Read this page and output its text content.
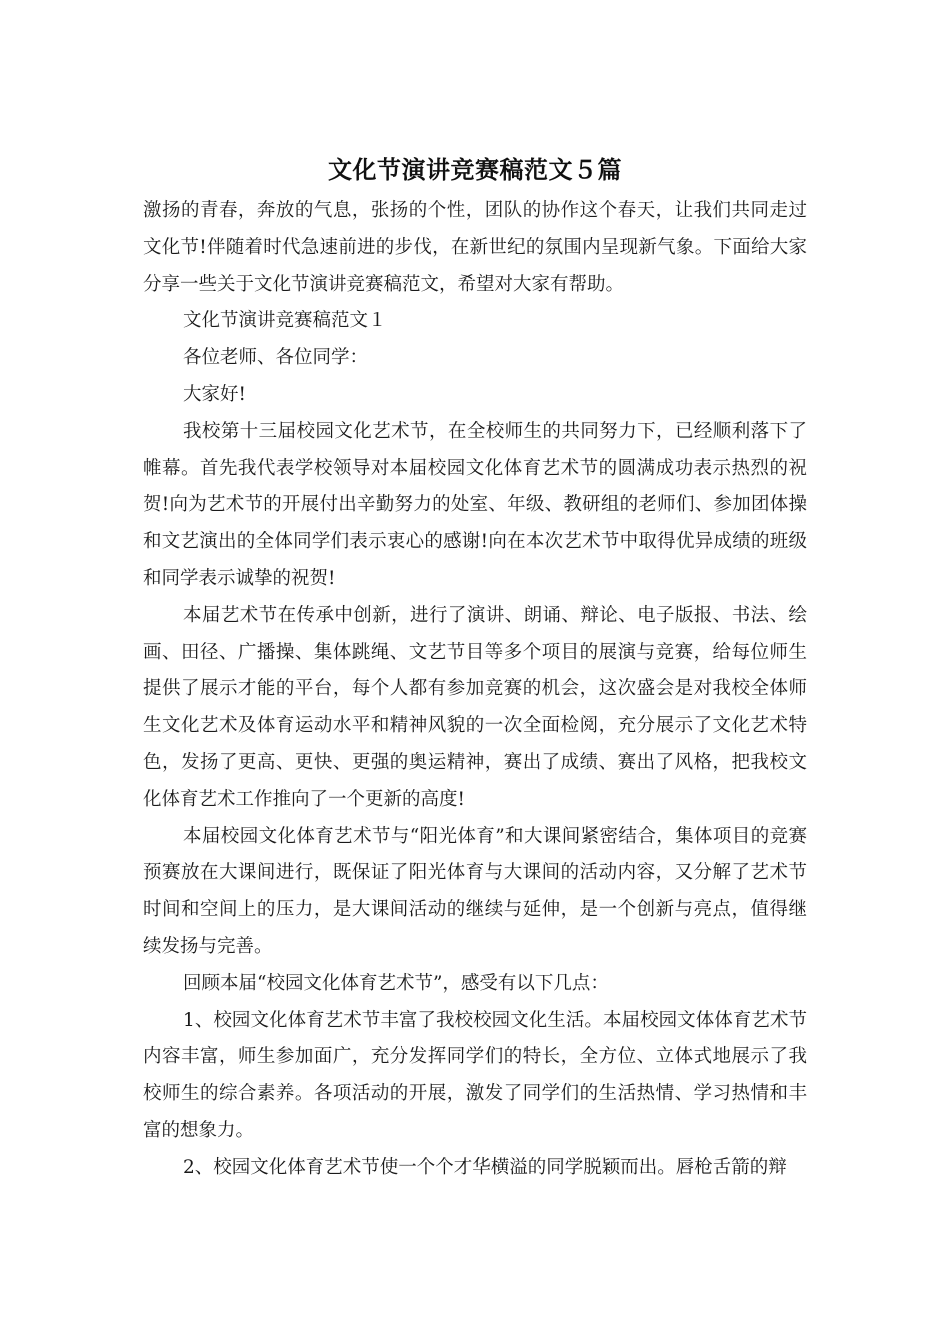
文化节演讲竞赛稿范文５篇

激扬的青春，奔放的气息，张扬的个性，团队的协作这个春天，让我们共同走过文化节!伴随着时代急速前进的步伐，在新世纪的氛围内呈现新气象。下面给大家分享一些关于文化节演讲竞赛稿范文，希望对大家有帮助。

文化节演讲竞赛稿范文１

各位老师、各位同学：

大家好!

我校第十三届校园文化艺术节，在全校师生的共同努力下，已经顺利落下了帷幕。首先我代表学校领导对本届校园文化体育艺术节的圆满成功表示热烈的祝贺!向为艺术节的开展付出辛勤努力的处室、年级、教研组的老师们、参加团体操和文艺演出的全体同学们表示衷心的感谢!向在本次艺术节中取得优异成绩的班级和同学表示诚挚的祝贺!

本届艺术节在传承中创新，进行了演讲、朗诵、辩论、电子版报、书法、绘画、田径、广播操、集体跳绳、文艺节目等多个项目的展演与竞赛，给每位师生提供了展示才能的平台，每个人都有参加竞赛的机会，这次盛会是对我校全体师生文化艺术及体育运动水平和精神风貌的一次全面检阅，充分展示了文化艺术特色，发扬了更高、更快、更强的奥运精神，赛出了成绩、赛出了风格，把我校文化体育艺术工作推向了一个更新的高度!

本届校园文化体育艺术节与“阳光体育”和大课间紧密结合，集体项目的竞赛预赛放在大课间进行，既保证了阳光体育与大课间的活动内容，又分解了艺术节时间和空间上的压力，是大课间活动的继续与延伸，是一个创新与亮点，值得继续发扬与完善。

回顾本届“校园文化体育艺术节”，感受有以下几点：

1、校园文化体育艺术节丰富了我校校园文化生活。本届校园文体体育艺术节内容丰富，师生参加面广，充分发挥同学们的特长，全方位、立体式地展示了我校师生的综合素养。各项活动的开展，激发了同学们的生活热情、学习热情和丰富的想象力。

2、校园文化体育艺术节使一个个才华横溢的同学脱颖而出。唇枪舌箭的辩
